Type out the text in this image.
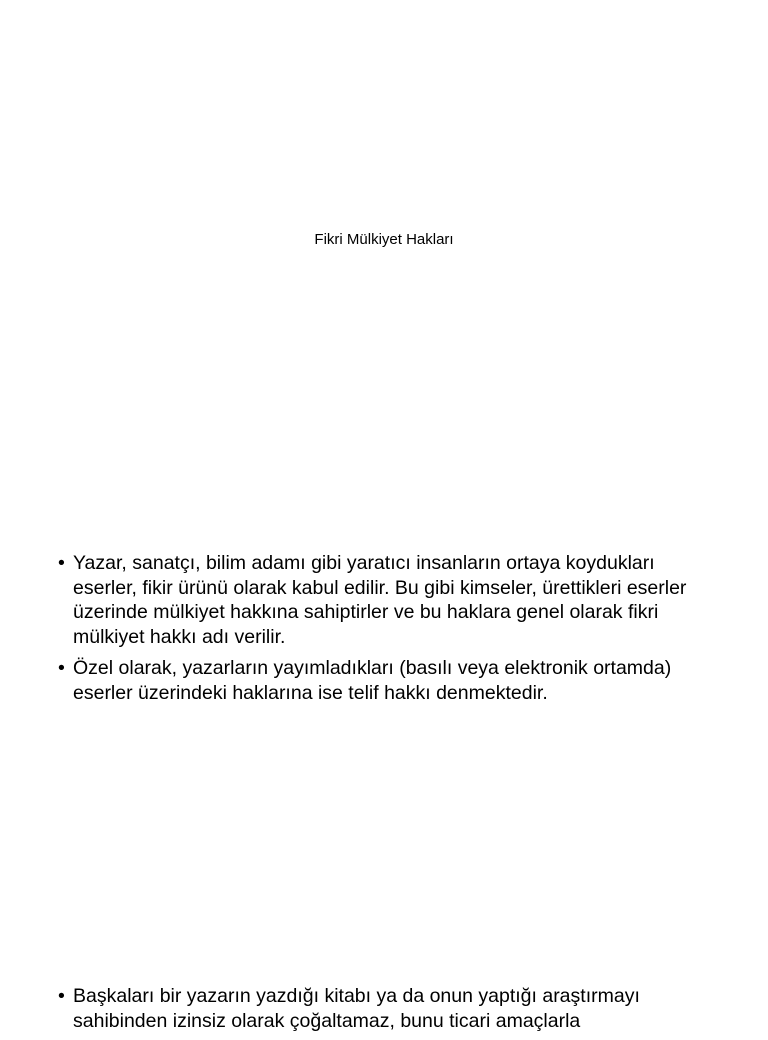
Fikri Mülkiyet Hakları
• Yazar, sanatçı, bilim adamı gibi yaratıcı insanların ortaya koydukları eserler, fikir ürünü olarak kabul edilir. Bu gibi kimseler, ürettikleri eserler üzerinde mülkiyet hakkına sahiptirler ve bu haklara genel olarak fikri mülkiyet hakkı adı verilir.
• Özel olarak, yazarların yayımladıkları (basılı veya elektronik ortamda) eserler üzerindeki haklarına ise telif hakkı denmektedir.
• Başkaları bir yazarın yazdığı kitabı ya da onun yaptığı araştırmayı sahibinden izinsiz olarak çoğaltamaz, bunu ticari amaçlarla
